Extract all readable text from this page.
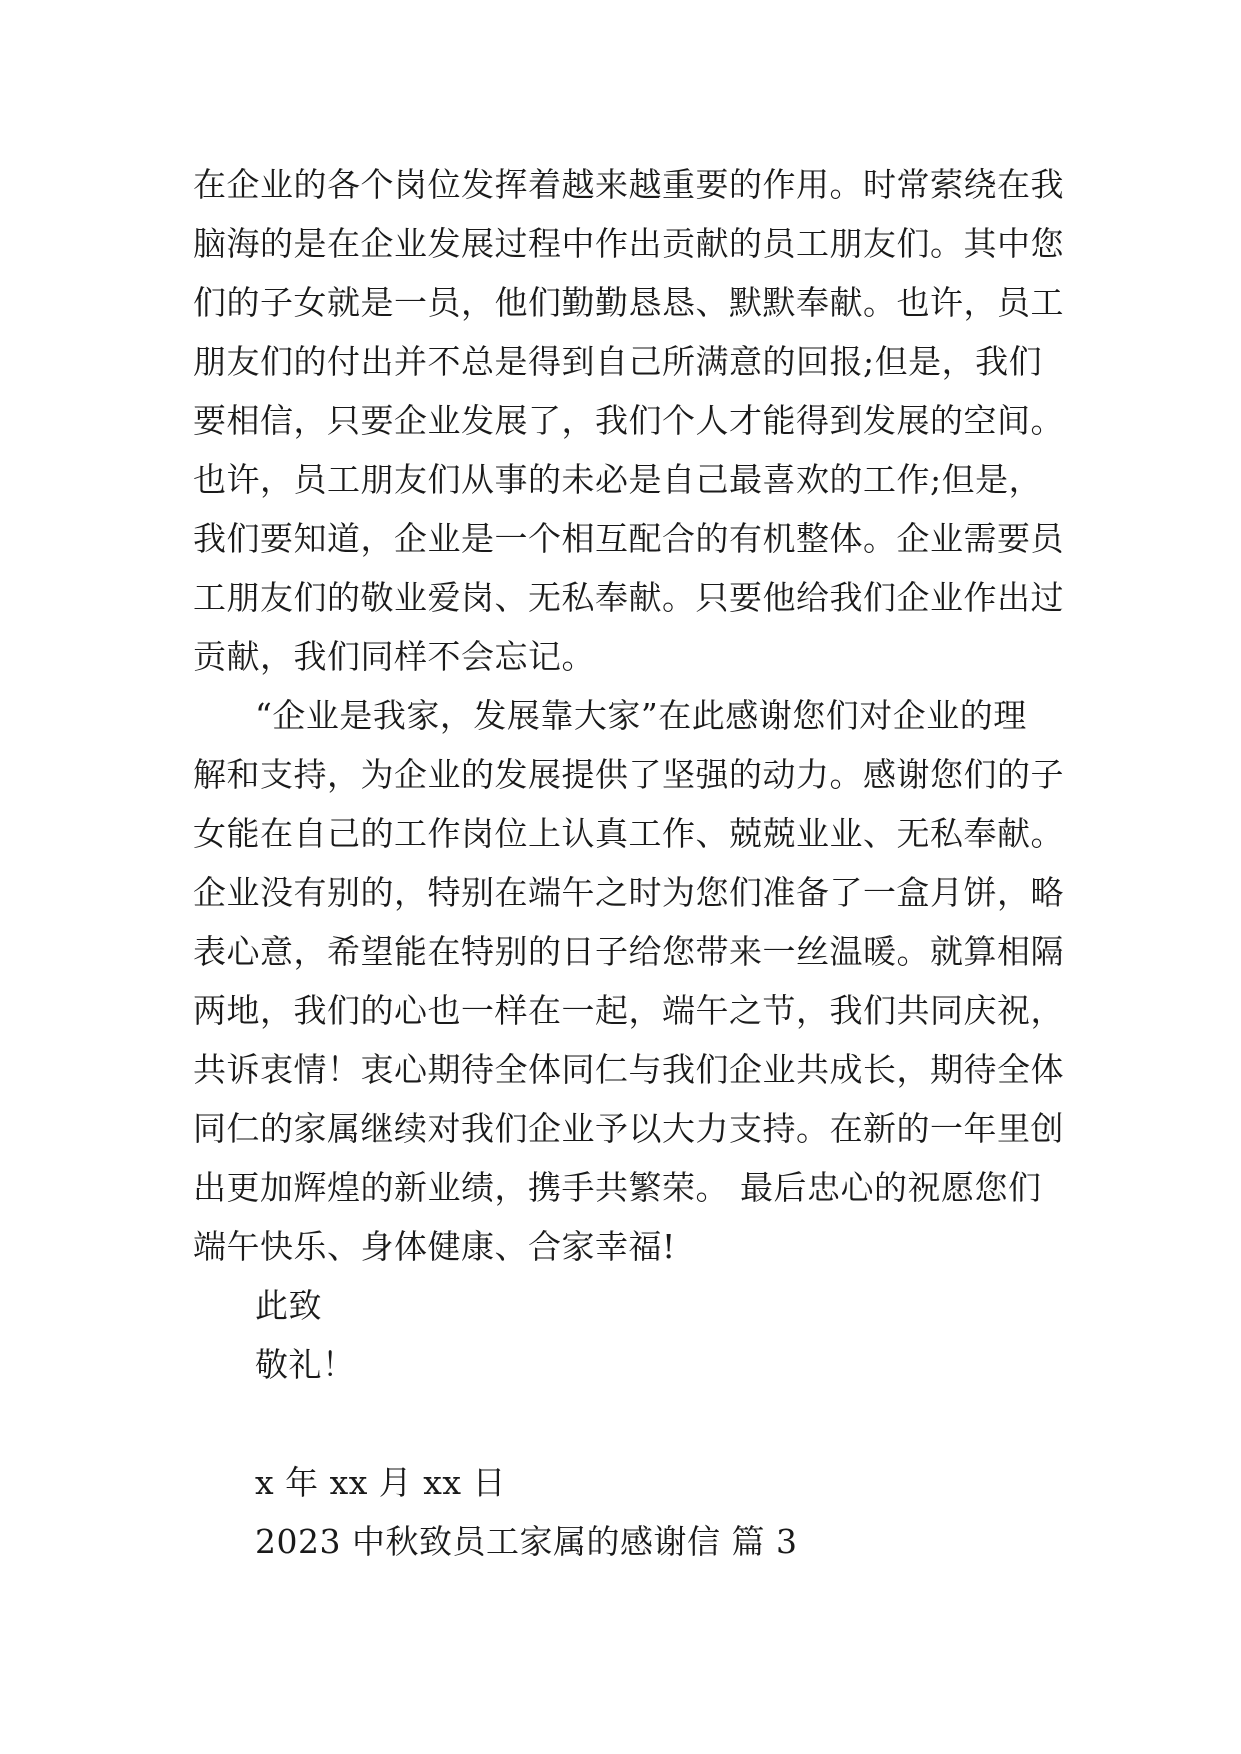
在企业的各个岗位发挥着越来越重要的作用。时常萦绕在我
脑海的是在企业发展过程中作出贡献的员工朋友们。其中您
们的子女就是一员，他们勤勤恳恳、默默奉献。也许，员工
朋友们的付出并不总是得到自己所满意的回报;但是，我们
要相信，只要企业发展了，我们个人才能得到发展的空间。
也许，员工朋友们从事的未必是自己最喜欢的工作;但是，
我们要知道，企业是一个相互配合的有机整体。企业需要员
工朋友们的敬业爱岗、无私奉献。只要他给我们企业作出过
贡献，我们同样不会忘记。
“企业是我家，发展靠大家”在此感谢您们对企业的理
解和支持，为企业的发展提供了坚强的动力。感谢您们的子
女能在自己的工作岗位上认真工作、兢兢业业、无私奉献。
企业没有别的，特别在端午之时为您们准备了一盒月饼，略
表心意，希望能在特别的日子给您带来一丝温暖。就算相隔
两地，我们的心也一样在一起，端午之节，我们共同庆祝，
共诉衷情！衷心期待全体同仁与我们企业共成长，期待全体
同仁的家属继续对我们企业予以大力支持。在新的一年里创
出更加辉煌的新业绩，携手共繁荣。 最后忠心的祝愿您们
端午快乐、身体健康、合家幸福!
此致
敬礼！
x 年 xx 月 xx 日
2023 中秋致员工家属的感谢信 篇 3
